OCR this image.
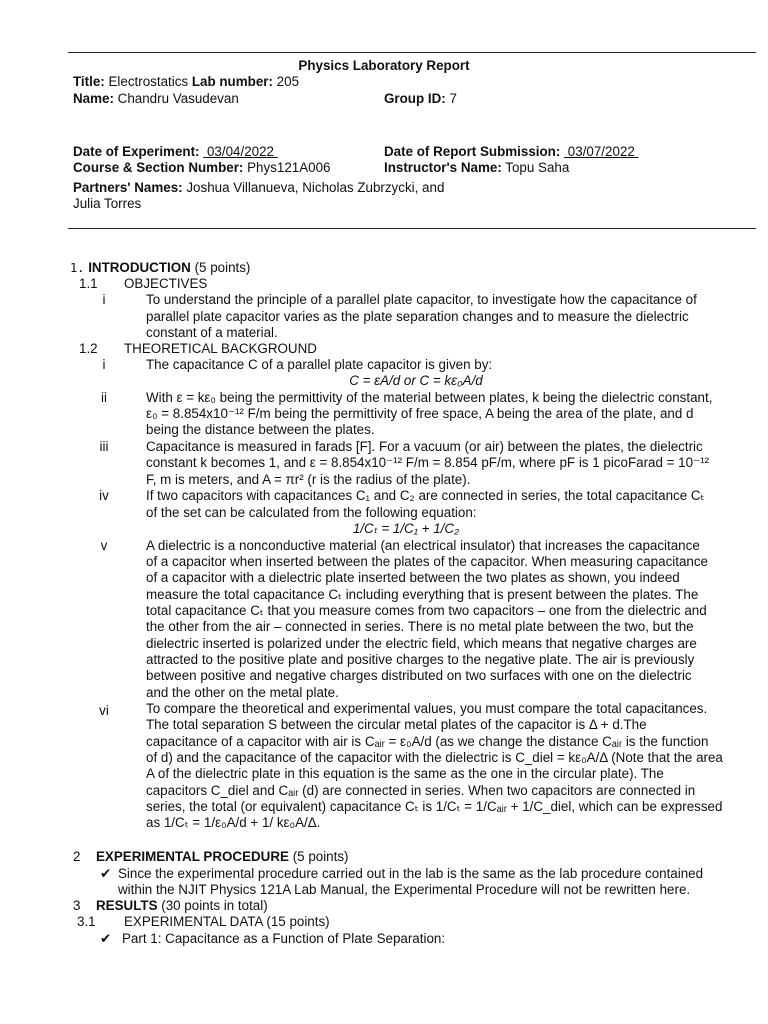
Physics Laboratory Report
Title: Electrostatics Lab number: 205
Name: Chandru Vasudevan	Group ID: 7
Date of Experiment: 03/04/2022	Date of Report Submission: 03/07/2022
Course & Section Number: Phys121A006	Instructor's Name: Topu Saha
Partners' Names: Joshua Villanueva, Nicholas Zubrzycki, and
Julia Torres
1. INTRODUCTION (5 points)
1.1 OBJECTIVES
i	To understand the principle of a parallel plate capacitor, to investigate how the capacitance of
parallel plate capacitor varies as the plate separation changes and to measure the dielectric
constant of a material.
1.2 THEORETICAL BACKGROUND
i	The capacitance C of a parallel plate capacitor is given by:
C = εA/d or C = kε₀A/d
ii	With ε = kε₀ being the permittivity of the material between plates, k being the dielectric constant,
ε₀ = 8.854x10⁻¹² F/m being the permittivity of free space, A being the area of the plate, and d
being the distance between the plates.
iii	Capacitance is measured in farads [F]. For a vacuum (or air) between the plates, the dielectric
constant k becomes 1, and ε = 8.854x10⁻¹² F/m = 8.854 pF/m, where pF is 1 picoFarad = 10⁻¹²
F, m is meters, and A = πr² (r is the radius of the plate).
iv	If two capacitors with capacitances C₁ and C₂ are connected in series, the total capacitance Cₜ
of the set can be calculated from the following equation:
1/Cₜ = 1/C₁ + 1/C₂
v	A dielectric is a nonconductive material (an electrical insulator) that increases the capacitance
of a capacitor when inserted between the plates of the capacitor. When measuring capacitance
of a capacitor with a dielectric plate inserted between the two plates as shown, you indeed
measure the total capacitance Cₜ including everything that is present between the plates. The
total capacitance Cₜ that you measure comes from two capacitors – one from the dielectric and
the other from the air – connected in series. There is no metal plate between the two, but the
dielectric inserted is polarized under the electric field, which means that negative charges are
attracted to the positive plate and positive charges to the negative plate. The air is previously
between positive and negative charges distributed on two surfaces with one on the dielectric
and the other on the metal plate.
vi	To compare the theoretical and experimental values, you must compare the total capacitances.
The total separation S between the circular metal plates of the capacitor is Δ + d.The
capacitance of a capacitor with air is Cₐᵢᵣ = ε₀A/d (as we change the distance Cₐᵢᵣ is the function
of d) and the capacitance of the capacitor with the dielectric is C_diel = kε₀A/Δ (Note that the area
A of the dielectric plate in this equation is the same as the one in the circular plate). The
capacitors C_diel and Cₐᵢᵣ (d) are connected in series. When two capacitors are connected in
series, the total (or equivalent) capacitance Cₜ is 1/Cₜ = 1/Cₐᵢᵣ + 1/C_diel, which can be expressed
as 1/Cₜ = 1/ε₀A/d + 1/ kε₀A/Δ.
2 EXPERIMENTAL PROCEDURE (5 points)
✔ Since the experimental procedure carried out in the lab is the same as the lab procedure contained
within the NJIT Physics 121A Lab Manual, the Experimental Procedure will not be rewritten here.
3 RESULTS (30 points in total)
3.1 EXPERIMENTAL DATA (15 points)
✔ Part 1: Capacitance as a Function of Plate Separation:
